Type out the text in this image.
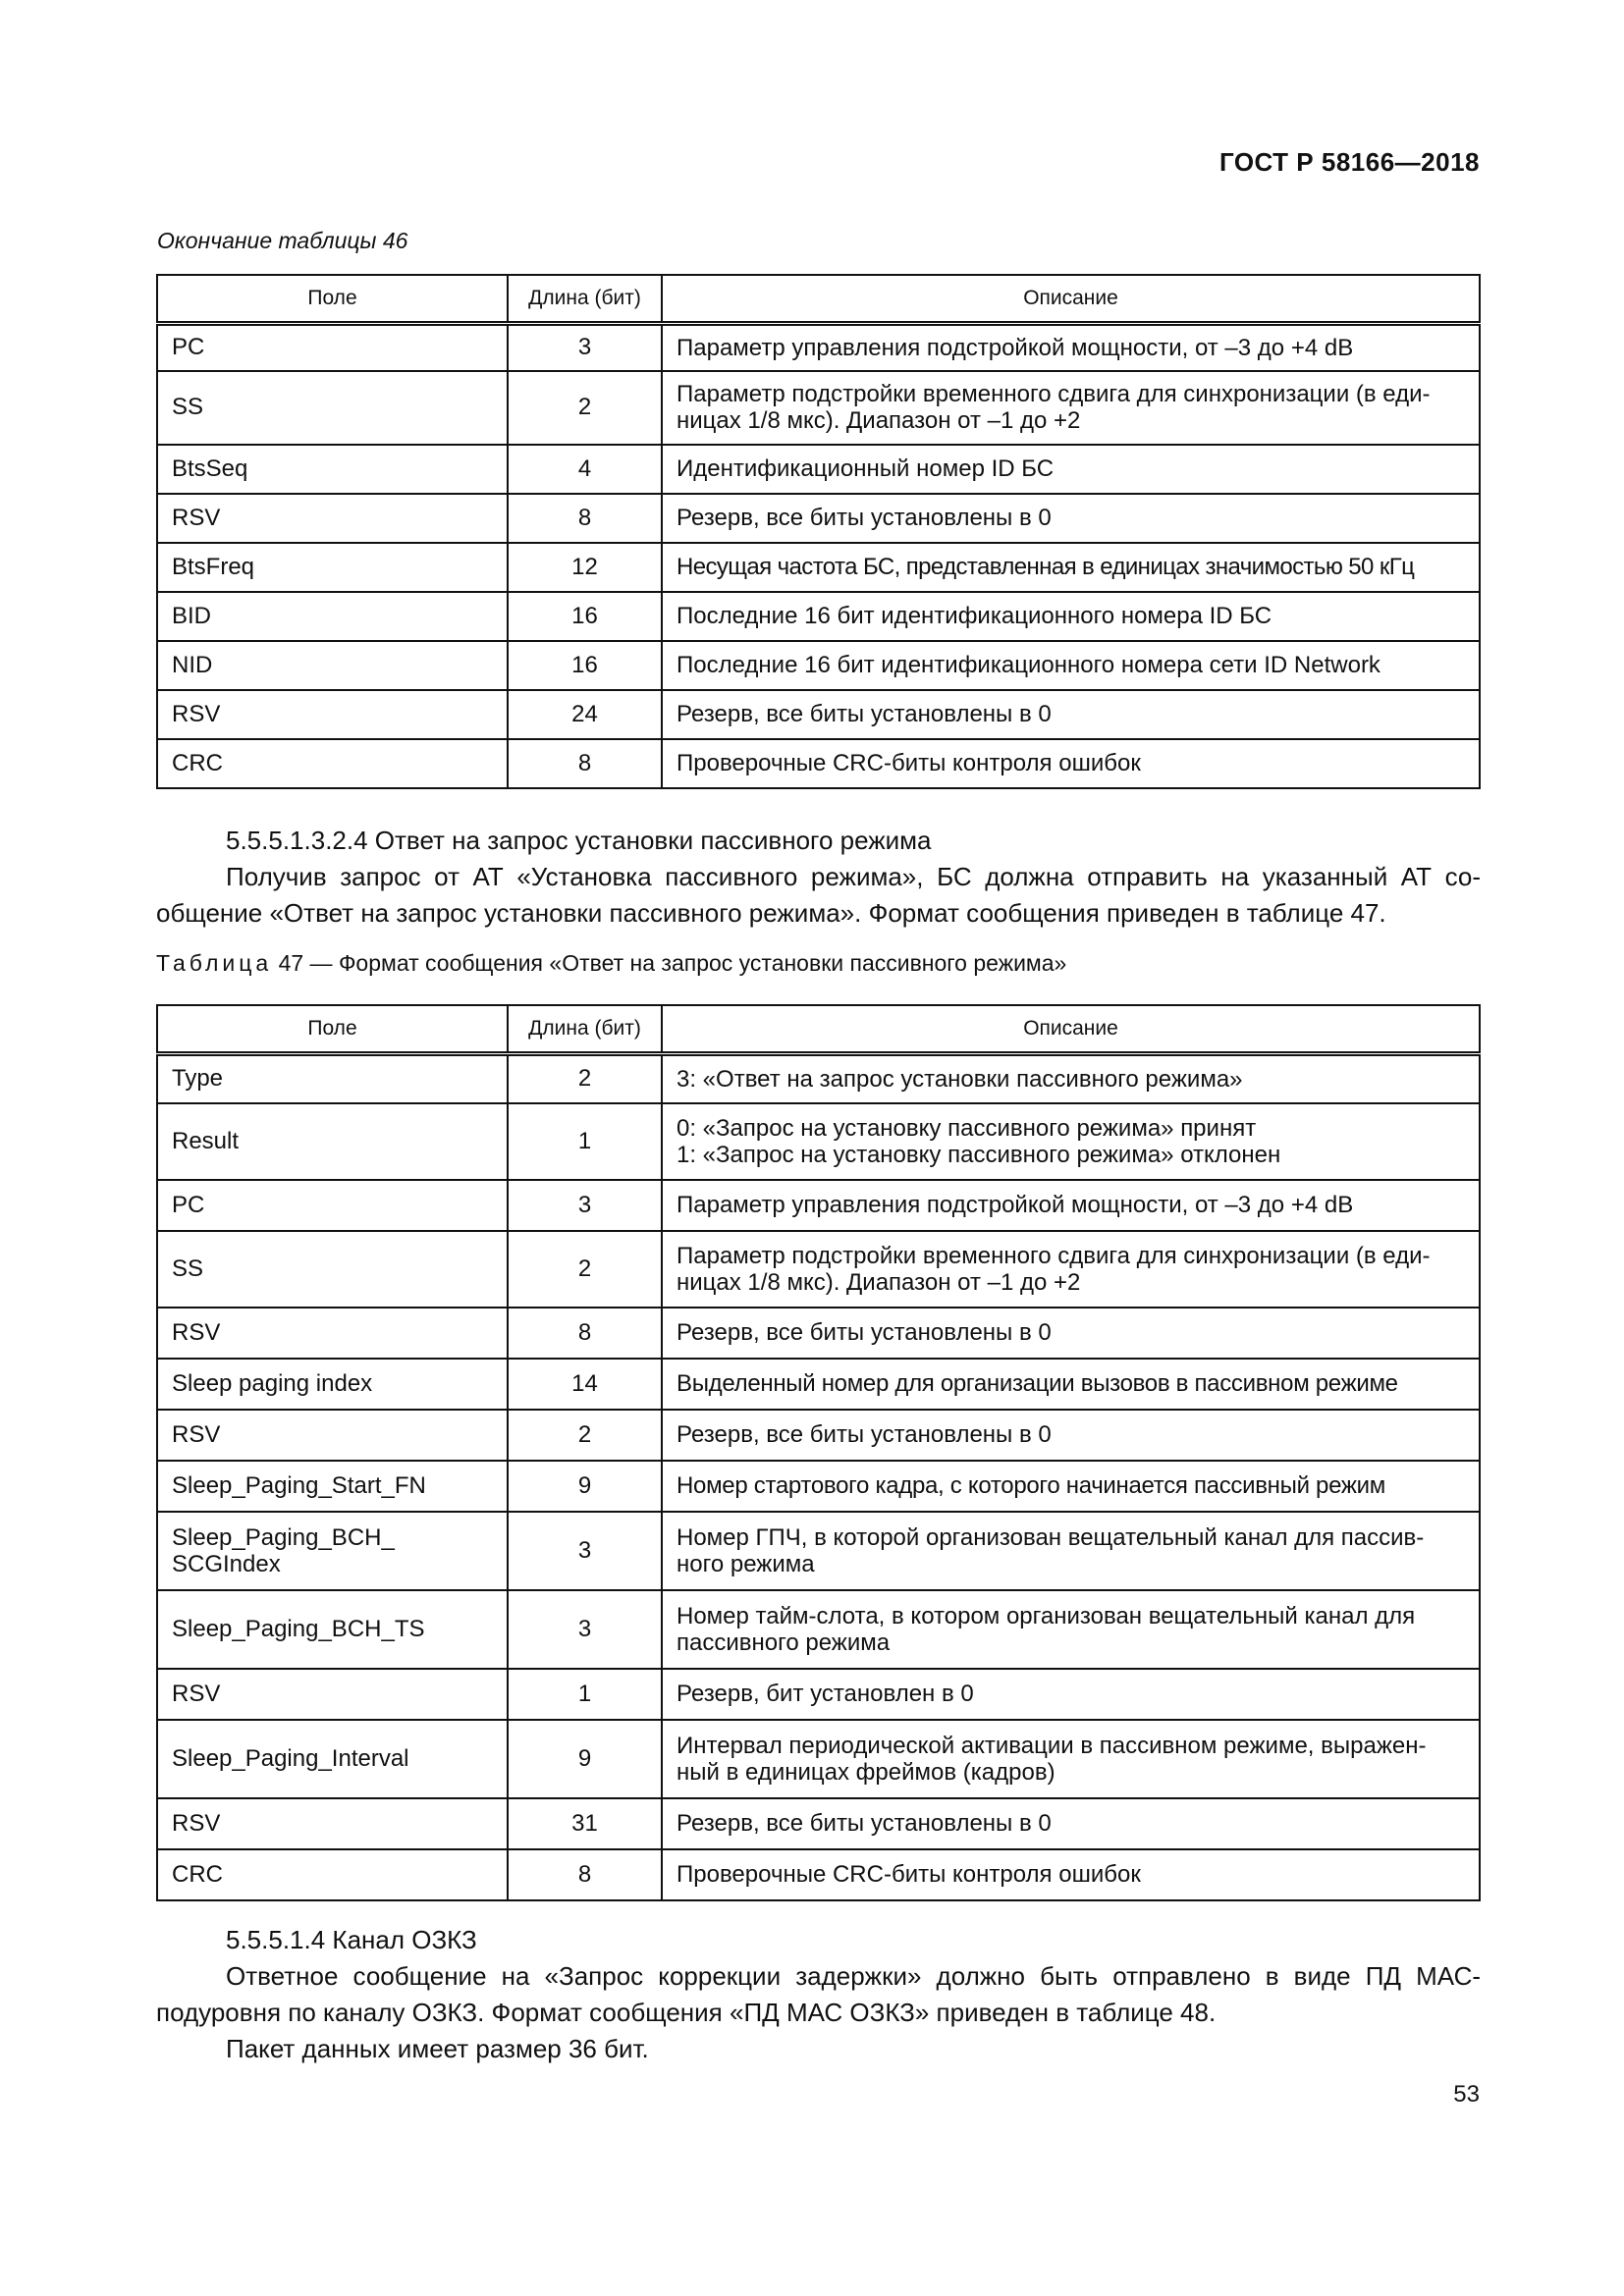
ГОСТ Р 58166—2018
Окончание таблицы 46
Поле	Длина (бит)	Описание
PC	3	Параметр управления подстройкой мощности, от –3 до +4 dB
SS	2	Параметр подстройки временного сдвига для синхронизации (в еди-
ницах 1/8 мкс). Диапазон от –1 до +2
BtsSeq	4	Идентификационный номер ID БС
RSV	8	Резерв, все биты установлены в 0
BtsFreq	12	Несущая частота БС, представленная в единицах значимостью 50 кГц
BID	16	Последние 16 бит идентификационного номера ID БС
NID	16	Последние 16 бит идентификационного номера сети ID Network
RSV	24	Резерв, все биты установлены в 0
CRC	8	Проверочные CRC-биты контроля ошибок

5.5.5.1.3.2.4 Ответ на запрос установки пассивного режима

Получив запрос от АТ «Установка пассивного режима», БС должна отправить на указанный АТ со-общение «Ответ на запрос установки пассивного режима». Формат сообщения приведен в таблице 47.

Таблица 47 — Формат сообщения «Ответ на запрос установки пассивного режима»
Поле	Длина (бит)	Описание
Type	2	3: «Ответ на запрос установки пассивного режима»
Result	1	0: «Запрос на установку пассивного режима» принят
1: «Запрос на установку пассивного режима» отклонен
PC	3	Параметр управления подстройкой мощности, от –3 до +4 dB
SS	2	Параметр подстройки временного сдвига для синхронизации (в еди-
ницах 1/8 мкс). Диапазон от –1 до +2
RSV	8	Резерв, все биты установлены в 0
Sleep paging index	14	Выделенный номер для организации вызовов в пассивном режиме
RSV	2	Резерв, все биты установлены в 0
Sleep_Paging_Start_FN	9	Номер стартового кадра, с которого начинается пассивный режим
Sleep_Paging_BCH_
SCGIndex	3	Номер ГПЧ, в которой организован вещательный канал для пассив-
ного режима
Sleep_Paging_BCH_TS	3	Номер тайм-слота, в котором организован вещательный канал для
пассивного режима
RSV	1	Резерв, бит установлен в 0
Sleep_Paging_Interval	9	Интервал периодической активации в пассивном режиме, выражен-
ный в единицах фреймов (кадров)
RSV	31	Резерв, все биты установлены в 0
CRC	8	Проверочные CRC-биты контроля ошибок

5.5.5.1.4 Канал ОЗКЗ

Ответное сообщение на «Запрос коррекции задержки» должно быть отправлено в виде ПД МАС-подуровня по каналу ОЗКЗ. Формат сообщения «ПД МАС ОЗКЗ» приведен в таблице 48.

Пакет данных имеет размер 36 бит.

53
